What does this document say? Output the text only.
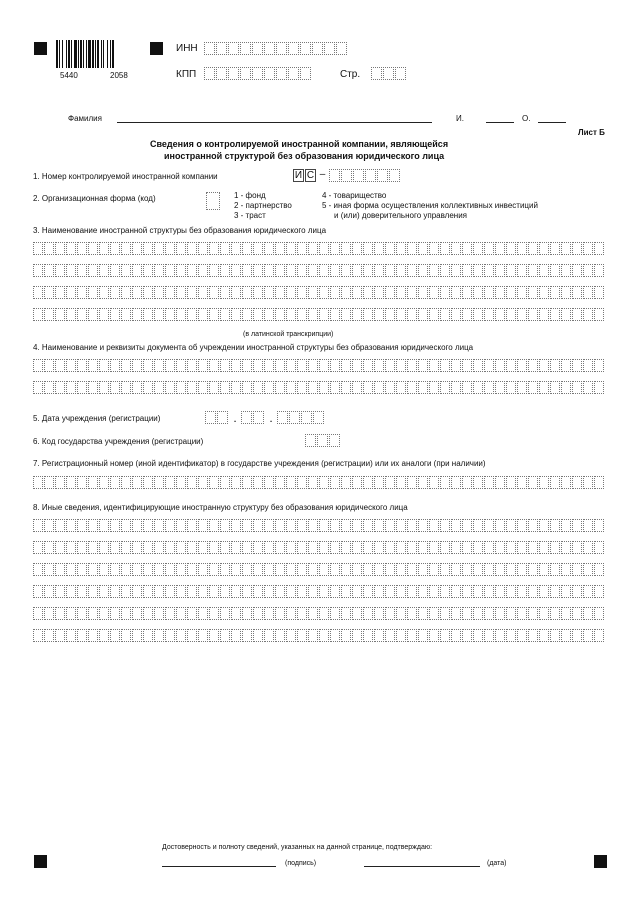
5440	2058
ИНН
КПП	Стр.
Фамилия	И.	О.
Лист Б
Сведения о контролируемой иностранной компании, являющейся
иностранной структурой без образования юридического лица
1. Номер контролируемой иностранной компании	И С –
2. Организационная форма (код)	1 - фонд
2 - партнерство
3 - траст
4 - товарищество
5 - иная форма осуществления коллективных инвестиций
и (или) доверительного управления
3. Наименование иностранной структуры без образования юридического лица
(в латинской транскрипции)
4. Наименование и реквизиты документа об учреждении иностранной структуры без образования юридического лица
5. Дата учреждения (регистрации)	.	.
6. Код государства учреждения (регистрации)
7. Регистрационный номер (иной идентификатор) в государстве учреждения (регистрации) или их аналоги (при наличии)
8. Иные сведения, идентифицирующие иностранную структуру без образования юридического лица
Достоверность и полноту сведений, указанных на данной странице, подтверждаю:
(подпись)	(дата)
